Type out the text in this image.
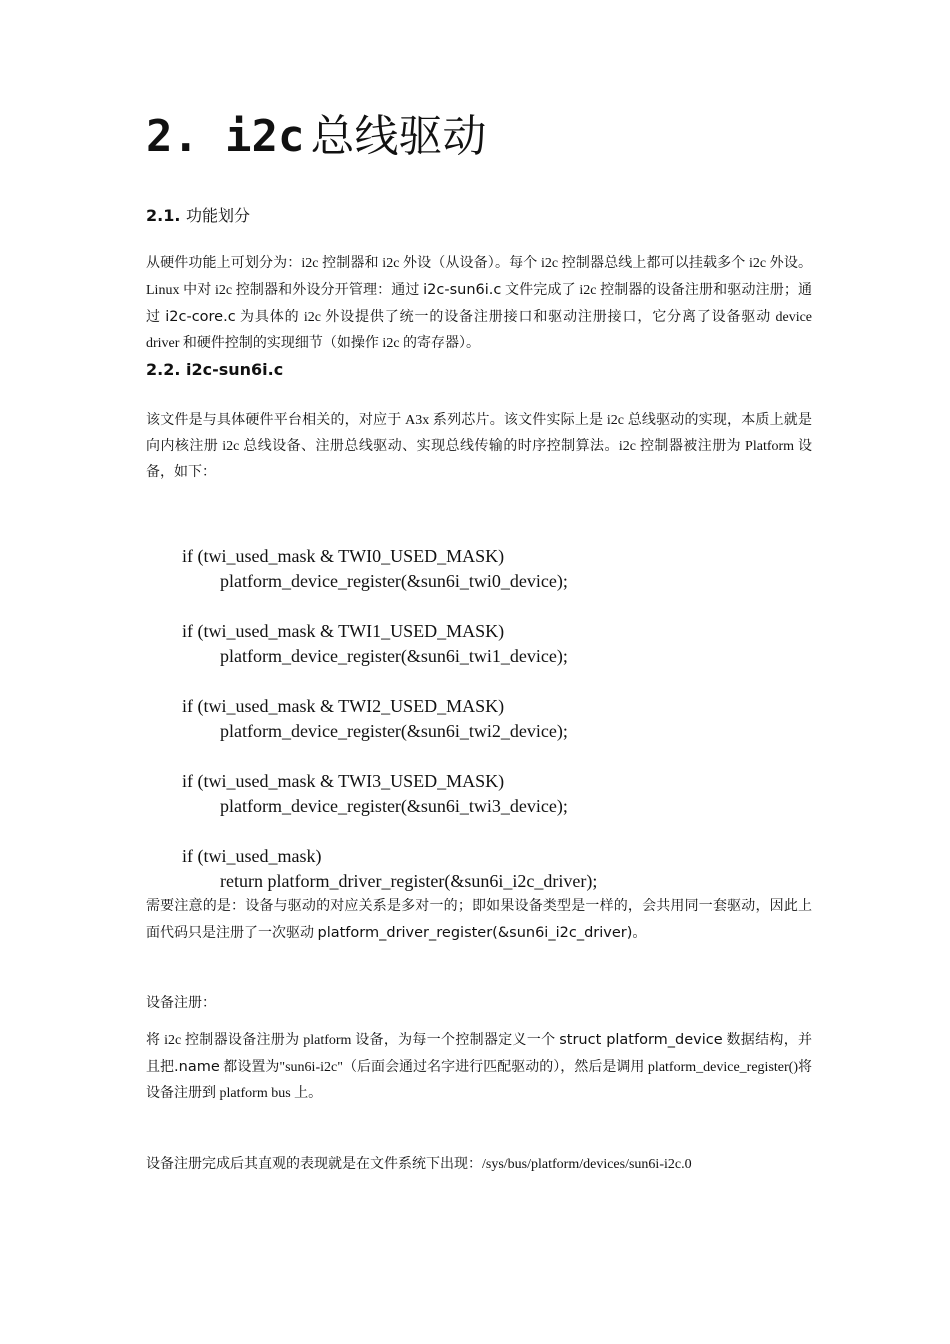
2. i2c 总线驱动
2.1. 功能划分

从硬件功能上可划分为：i2c 控制器和 i2c 外设（从设备）。每个 i2c 控制器总线上都可以挂载多个 i2c 外设。Linux 中对 i2c 控制器和外设分开管理：通过 i2c-sun6i.c 文件完成了 i2c 控制器的设备注册和驱动注册；通过 i2c-core.c 为具体的 i2c 外设提供了统一的设备注册接口和驱动注册接口，它分离了设备驱动 device driver 和硬件控制的实现细节（如操作 i2c 的寄存器）。

2.2. i2c-sun6i.c

该文件是与具体硬件平台相关的，对应于 A3x 系列芯片。该文件实际上是 i2c 总线驱动的实现，本质上就是向内核注册 i2c 总线设备、注册总线驱动、实现总线传输的时序控制算法。i2c 控制器被注册为 Platform 设备，如下：

if (twi_used_mask & TWI0_USED_MASK)
platform_device_register(&sun6i_twi0_device);
if (twi_used_mask & TWI1_USED_MASK)
platform_device_register(&sun6i_twi1_device);
if (twi_used_mask & TWI2_USED_MASK)
platform_device_register(&sun6i_twi2_device);
if (twi_used_mask & TWI3_USED_MASK)
platform_device_register(&sun6i_twi3_device);
if (twi_used_mask)
return platform_driver_register(&sun6i_i2c_driver);

需要注意的是：设备与驱动的对应关系是多对一的；即如果设备类型是一样的，会共用同一套驱动，因此上面代码只是注册了一次驱动 platform_driver_register(&sun6i_i2c_driver)。

设备注册：

将 i2c 控制器设备注册为 platform 设备，为每一个控制器定义一个 struct platform_device 数据结构，并且把.name 都设置为"sun6i-i2c"（后面会通过名字进行匹配驱动的），然后是调用 platform_device_register()将设备注册到 platform bus 上。

设备注册完成后其直观的表现就是在文件系统下出现：/sys/bus/platform/devices/sun6i-i2c.0
